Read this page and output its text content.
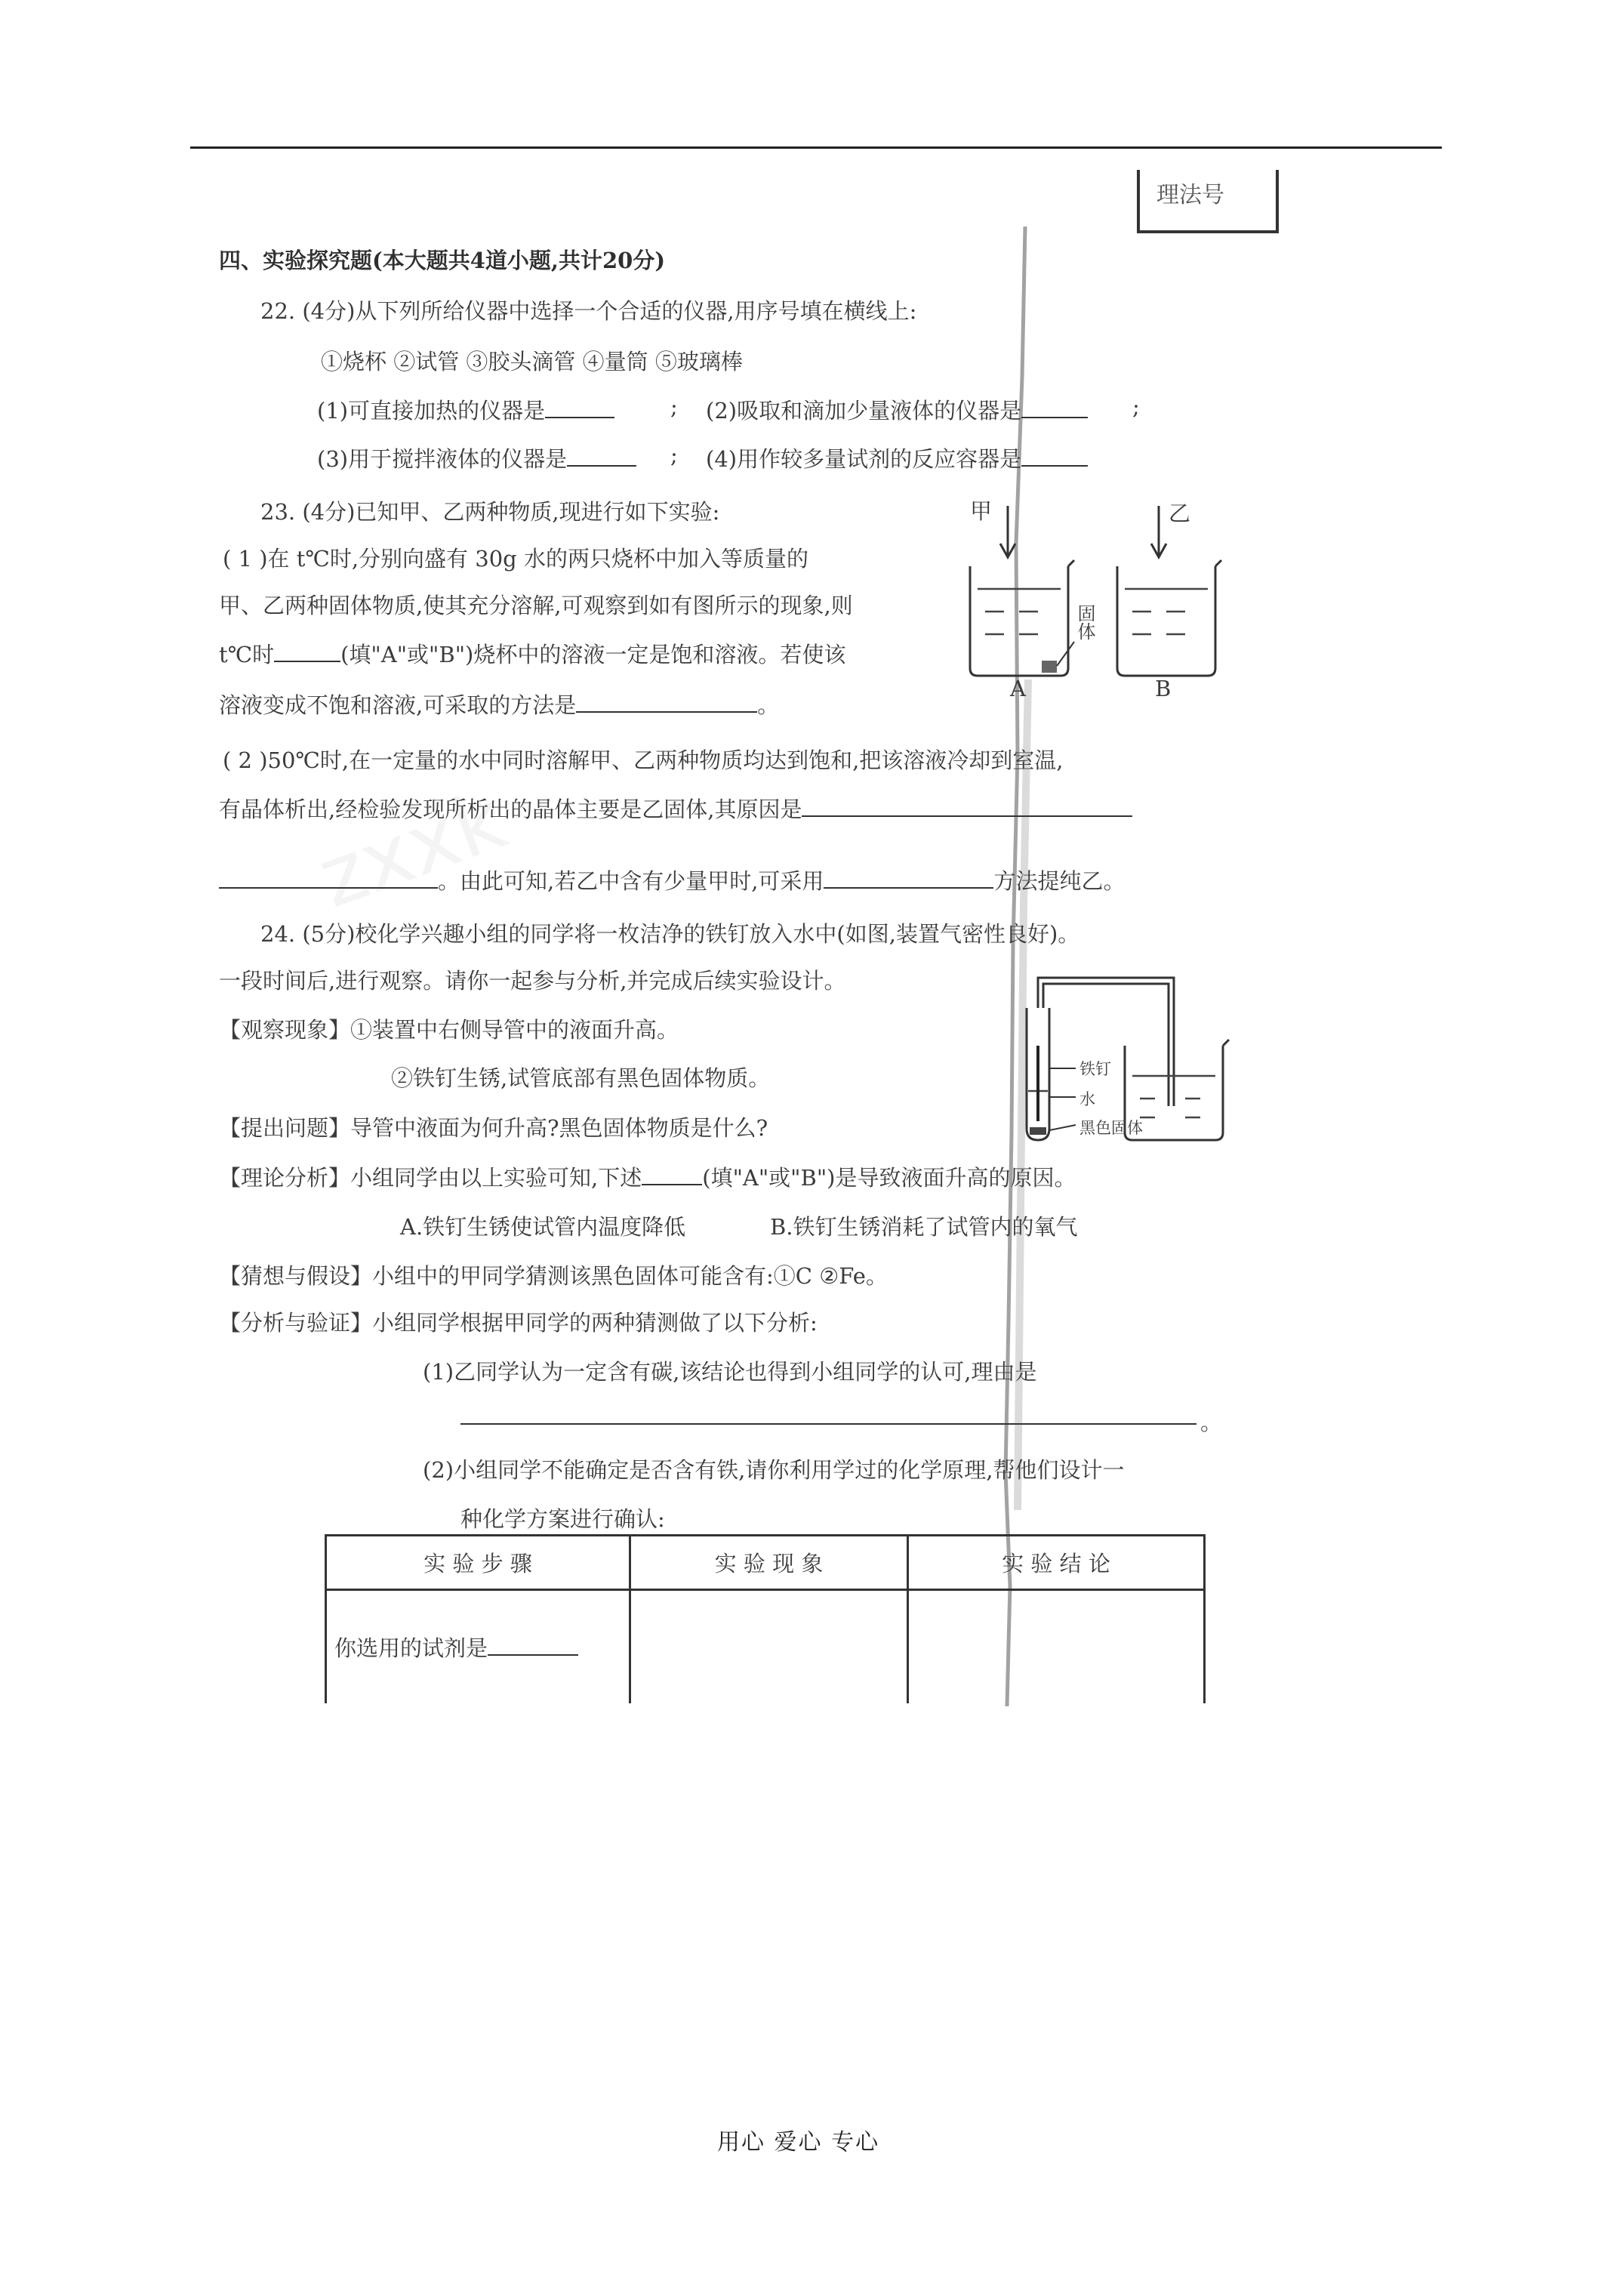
理法号
四、实验探究题(本大题共4道小题,共计20分)
22. (4分)从下列所给仪器中选择一个合适的仪器,用序号填在横线上:
①烧杯 ②试管 ③胶头滴管 ④量筒 ⑤玻璃棒
(1)可直接加热的仪器是	; (2)吸取和滴加少量液体的仪器是	;
(3)用于搅拌液体的仪器是	; (4)用作较多量试剂的反应容器是
23. (4分)已知甲、乙两种物质,现进行如下实验:
( 1 )在 t℃时,分别向盛有 30g 水的两只烧杯中加入等质量的
甲、乙两种固体物质,使其充分溶解,可观察到如有图所示的现象,则
t℃时	(填"A"或"B")烧杯中的溶液一定是饱和溶液。若使该
溶液变成不饱和溶液,可采取的方法是	。
甲	乙
固体
A	B
( 2 )50℃时,在一定量的水中同时溶解甲、乙两种物质均达到饱和,把该溶液冷却到室温,
有晶体析出,经检验发现所析出的晶体主要是乙固体,其原因是
。由此可知,若乙中含有少量甲时,可采用	方法提纯乙。
24. (5分)校化学兴趣小组的同学将一枚洁净的铁钉放入水中(如图,装置气密性良好)。
一段时间后,进行观察。请你一起参与分析,并完成后续实验设计。
【观察现象】①装置中右侧导管中的液面升高。
②铁钉生锈,试管底部有黑色固体物质。
【提出问题】导管中液面为何升高?黑色固体物质是什么?
【理论分析】小组同学由以上实验可知,下述	(填"A"或"B")是导致液面升高的原因。
A.铁钉生锈使试管内温度降低	B.铁钉生锈消耗了试管内的氧气
【猜想与假设】小组中的甲同学猜测该黑色固体可能含有:①C ②Fe。
【分析与验证】小组同学根据甲同学的两种猜测做了以下分析:
(1)乙同学认为一定含有碳,该结论也得到小组同学的认可,理由是
。
(2)小组同学不能确定是否含有铁,请你利用学过的化学原理,帮他们设计一
种化学方案进行确认:
铁钉
水
黑色固体
实 验 步 骤	实 验 现 象	实 验 结 论
你选用的试剂是		
用心 爱心 专心
